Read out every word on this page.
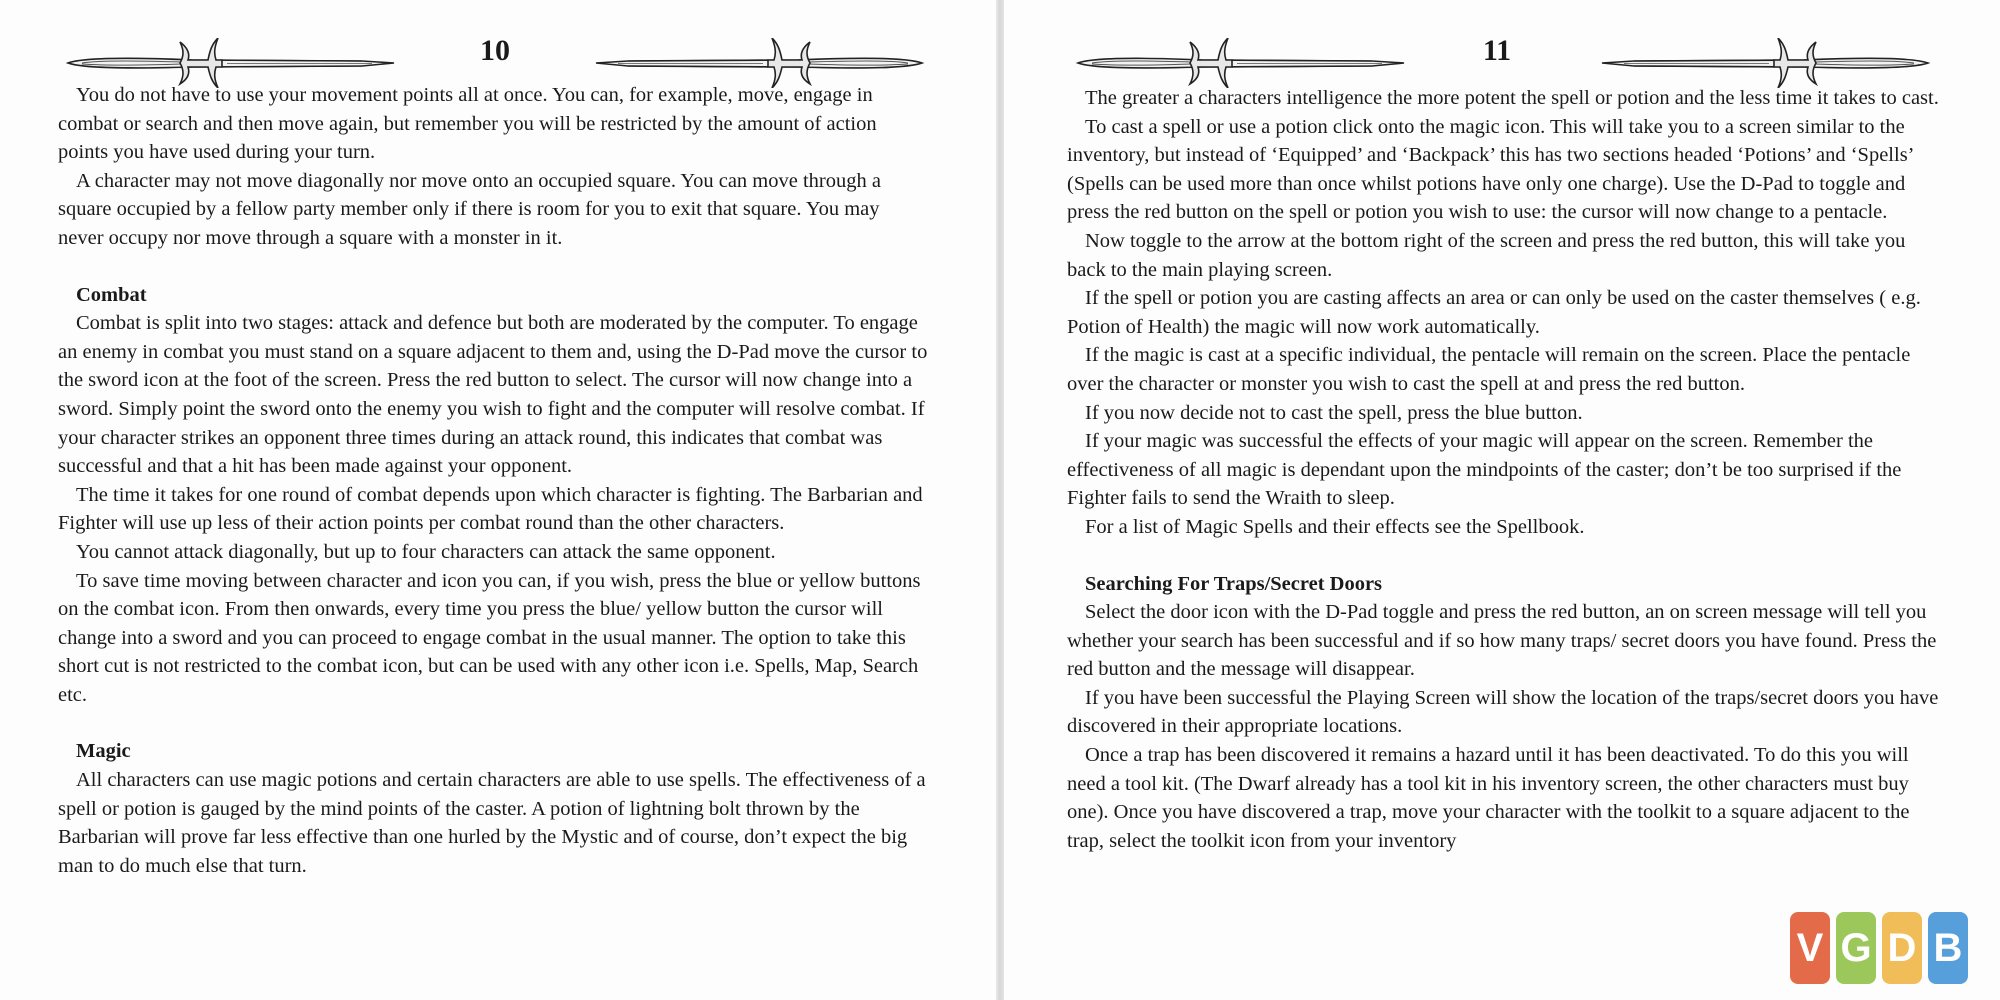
You do not have to use your movement points all at once. You can, for example, move, engage in combat or search and then move again, but remember you will be restricted by the amount of action points you have used during your turn.

A character may not move diagonally nor move onto an occupied square. You can move through a square occupied by a fellow party member only if there is room for you to exit that square. You may never occupy nor move through a square with a monster in it.

Combat

Combat is split into two stages: attack and defence but both are moderated by the computer. To engage an enemy in combat you must stand on a square adjacent to them and, using the D-Pad move the cursor to the sword icon at the foot of the screen. Press the red button to select. The cursor will now change into a sword. Simply point the sword onto the enemy you wish to fight and the computer will resolve combat. If your character strikes an opponent three times during an attack round, this indicates that combat was successful and that a hit has been made against your opponent.

The time it takes for one round of combat depends upon which character is fighting. The Barbarian and Fighter will use up less of their action points per combat round than the other characters.

You cannot attack diagonally, but up to four characters can attack the same opponent.

To save time moving between character and icon you can, if you wish, press the blue or yellow buttons on the combat icon. From then onwards, every time you press the blue/ yellow button the cursor will change into a sword and you can proceed to engage combat in the usual manner. The option to take this short cut is not restricted to the combat icon, but can be used with any other icon i.e. Spells, Map, Search etc.

Magic

All characters can use magic potions and certain characters are able to use spells. The effectiveness of a spell or potion is gauged by the mind points of the caster. A potion of lightning bolt thrown by the Barbarian will prove far less effective than one hurled by the Mystic and of course, don’t expect the big man to do much else that turn.

The greater a characters intelligence the more potent the spell or potion and the less time it takes to cast.

To cast a spell or use a potion click onto the magic icon. This will take you to a screen similar to the inventory, but instead of ‘Equipped’ and ‘Backpack’ this has two sections headed ‘Potions’ and ‘Spells’ (Spells can be used more than once whilst potions have only one charge). Use the D-Pad to toggle and press the red button on the spell or potion you wish to use: the cursor will now change to a pentacle.

Now toggle to the arrow at the bottom right of the screen and press the red button, this will take you back to the main playing screen.

If the spell or potion you are casting affects an area or can only be used on the caster themselves ( e.g. Potion of Health) the magic will now work automatically.

If the magic is cast at a specific individual, the pentacle will remain on the screen. Place the pentacle over the character or monster you wish to cast the spell at and press the red button.

If you now decide not to cast the spell, press the blue button.

If your magic was successful the effects of your magic will appear on the screen. Remember the effectiveness of all magic is dependant upon the mindpoints of the caster; don’t be too surprised if the Fighter fails to send the Wraith to sleep.

For a list of Magic Spells and their effects see the Spellbook.

Searching For Traps/Secret Doors

Select the door icon with the D-Pad toggle and press the red button, an on screen message will tell you whether your search has been successful and if so how many traps/ secret doors you have found. Press the red button and the message will disappear.

If you have been successful the Playing Screen will show the location of the traps/secret doors you have discovered in their appropriate locations.

Once a trap has been discovered it remains a hazard until it has been deactivated. To do this you will need a tool kit. (The Dwarf already has a tool kit in his inventory screen, the other characters must buy one). Once you have discovered a trap, move your character with the toolkit to a square adjacent to the trap, select the toolkit icon from your inventory

10	11
V G D B
